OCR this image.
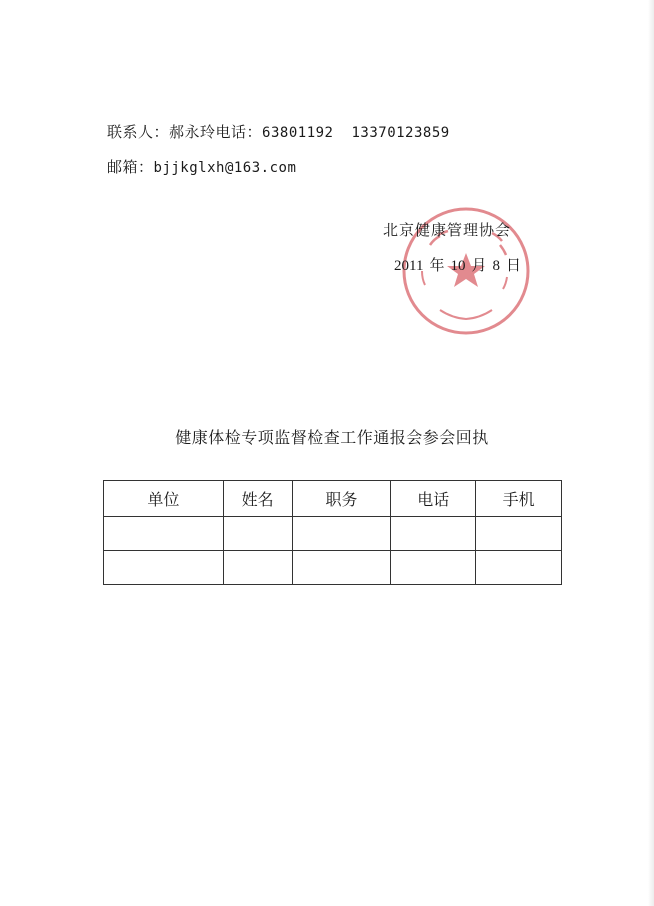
联系人：郝永玲电话：63801192 13370123859
邮箱：bjjkglxh@163.com
北京健康管理协会
2011 年 10 月 8 日
健康体检专项监督检查工作通报会参会回执
单位	姓名	职务	电话	手机
